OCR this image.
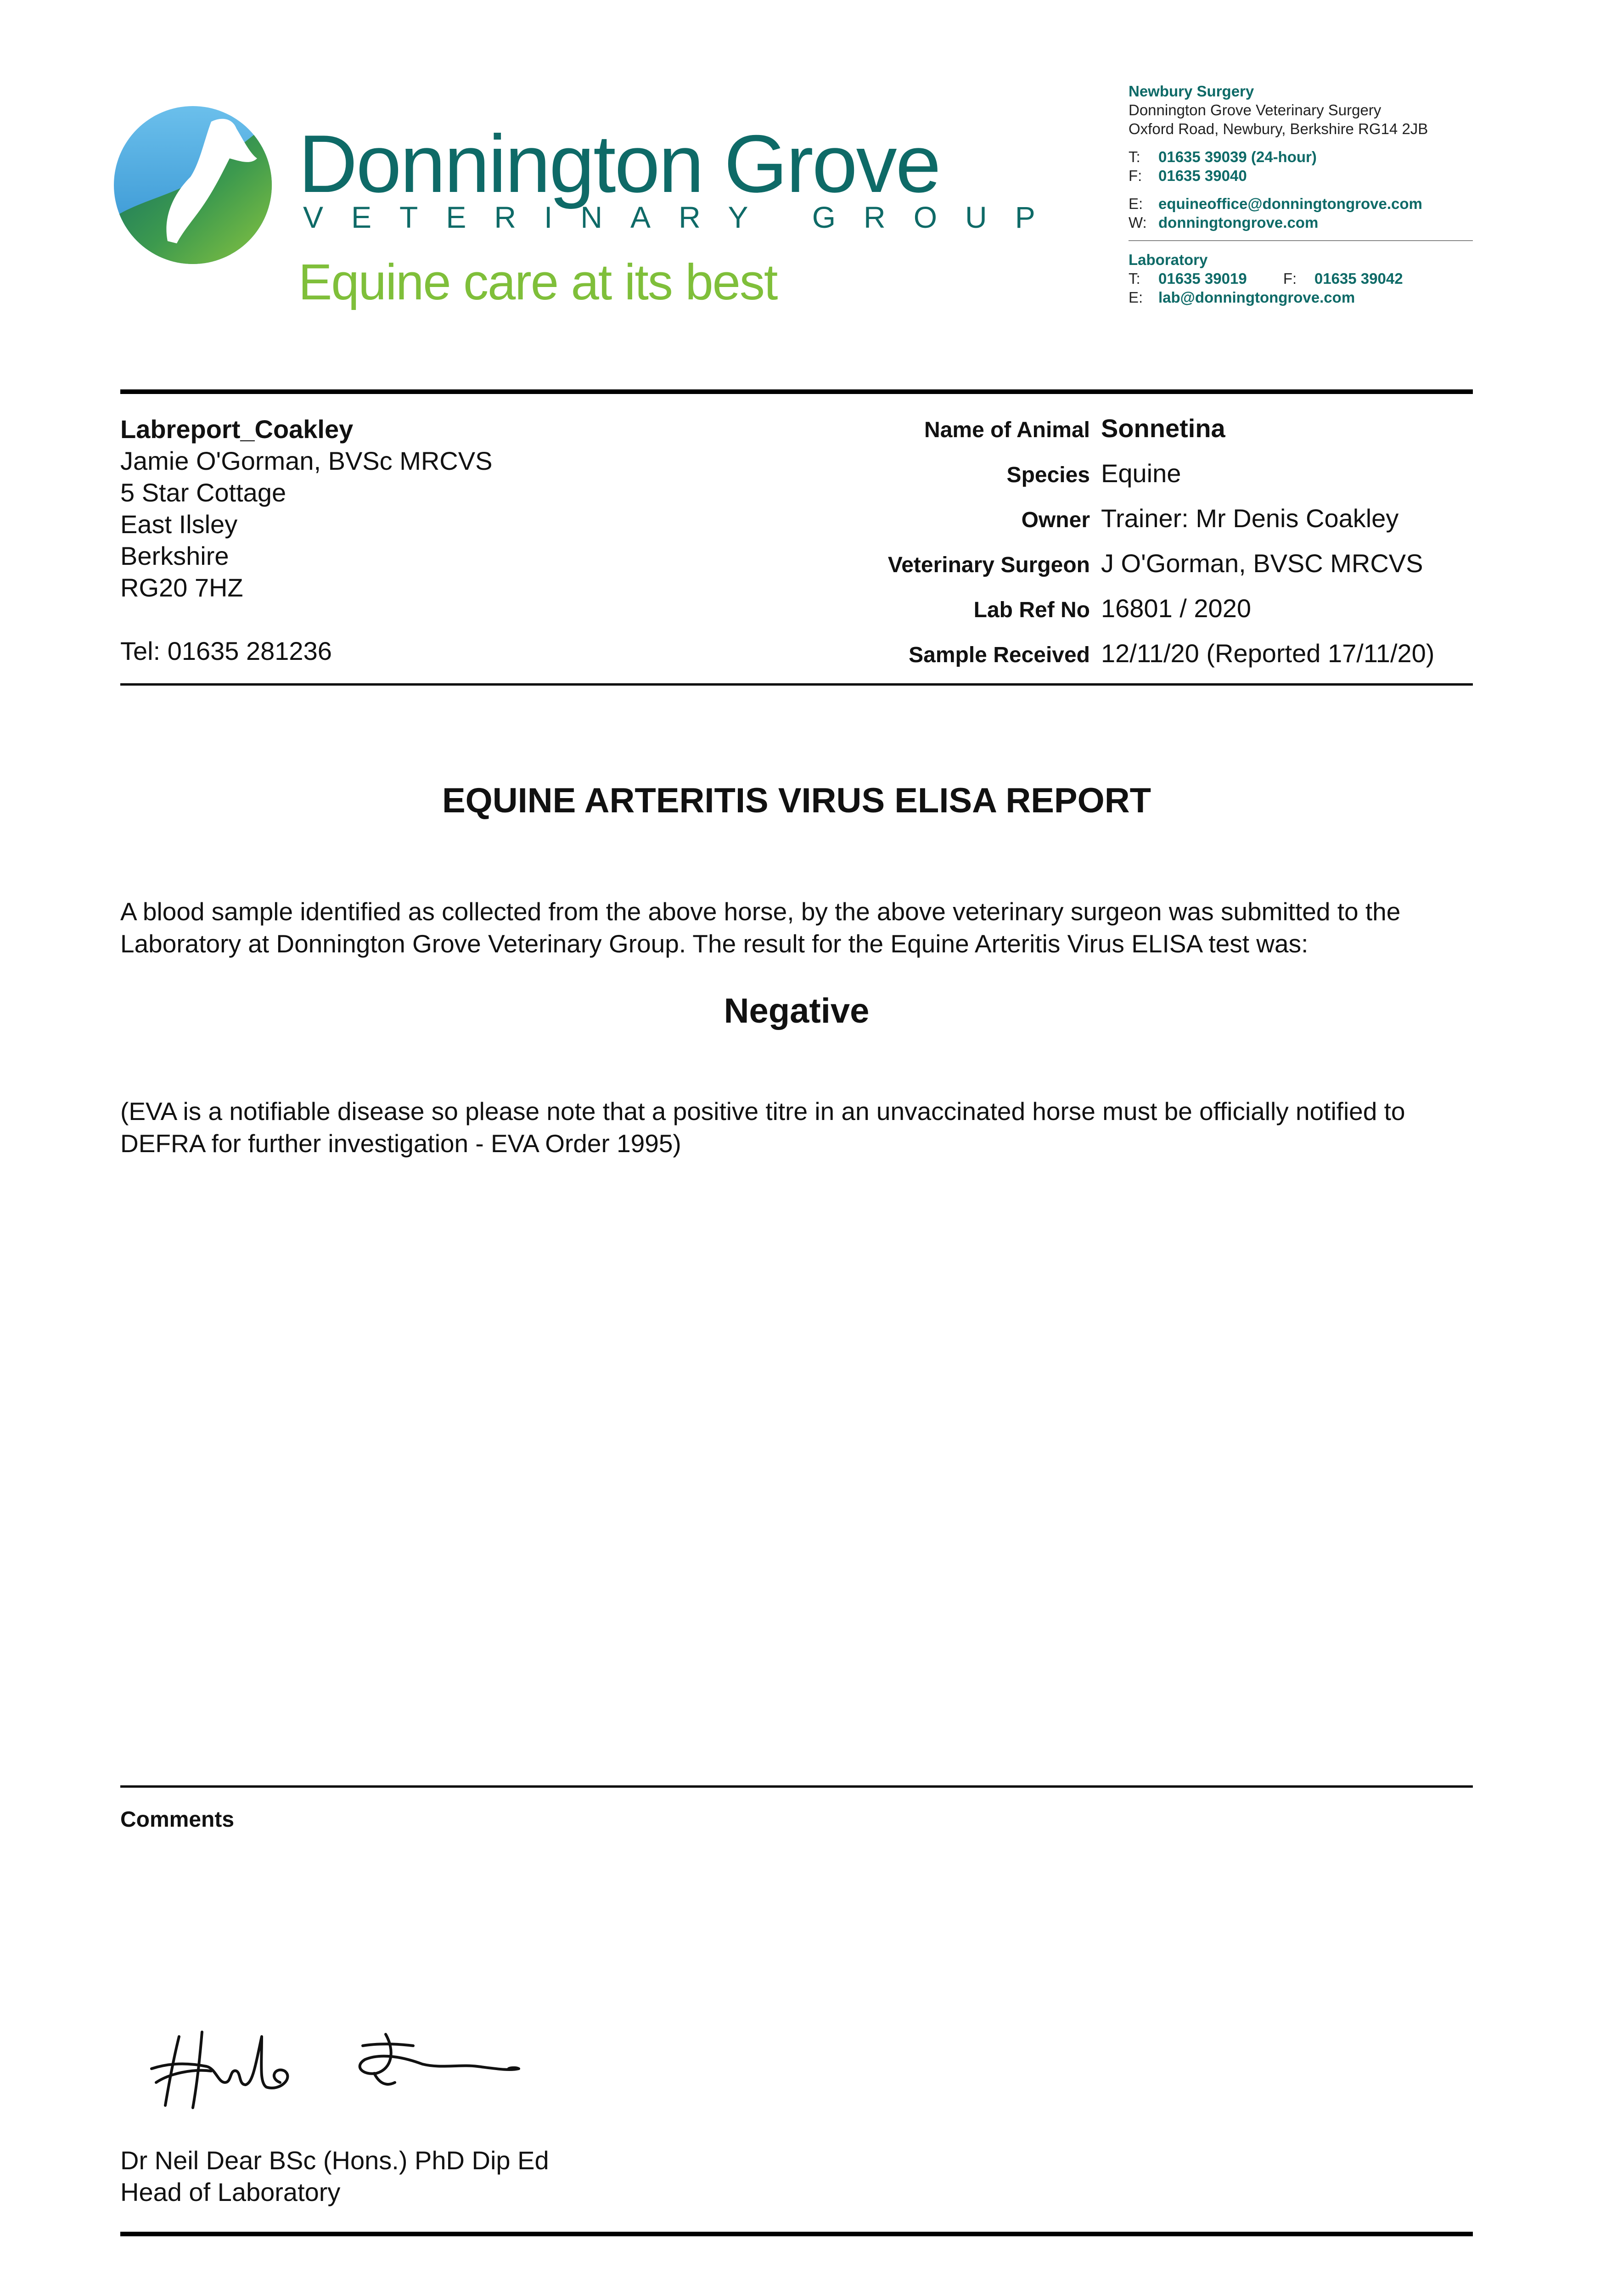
Donnington Grove
VETERINARY GROUP
Equine care at its best
Newbury Surgery
Donnington Grove Veterinary Surgery
Oxford Road, Newbury, Berkshire RG14 2JB
T: 01635 39039 (24-hour)
F: 01635 39040
E: equineoffice@donningtongrove.com
W: donningtongrove.com
Laboratory
T: 01635 39019 F: 01635 39042
E: lab@donningtongrove.com
Labreport_Coakley
Jamie O'Gorman, BVSc MRCVS
5 Star Cottage
East Ilsley
Berkshire
RG20 7HZ
Tel: 01635 281236
Name of Animal Sonnetina
Species Equine
Owner Trainer: Mr Denis Coakley
Veterinary Surgeon J O'Gorman, BVSC MRCVS
Lab Ref No 16801 / 2020
Sample Received 12/11/20 (Reported 17/11/20)
EQUINE ARTERITIS VIRUS ELISA REPORT
A blood sample identified as collected from the above horse, by the above veterinary surgeon was submitted to the Laboratory at Donnington Grove Veterinary Group. The result for the Equine Arteritis Virus ELISA test was:
Negative
(EVA is a notifiable disease so please note that a positive titre in an unvaccinated horse must be officially notified to DEFRA for further investigation - EVA Order 1995)
Comments
Dr Neil Dear BSc (Hons.) PhD Dip Ed
Head of Laboratory
